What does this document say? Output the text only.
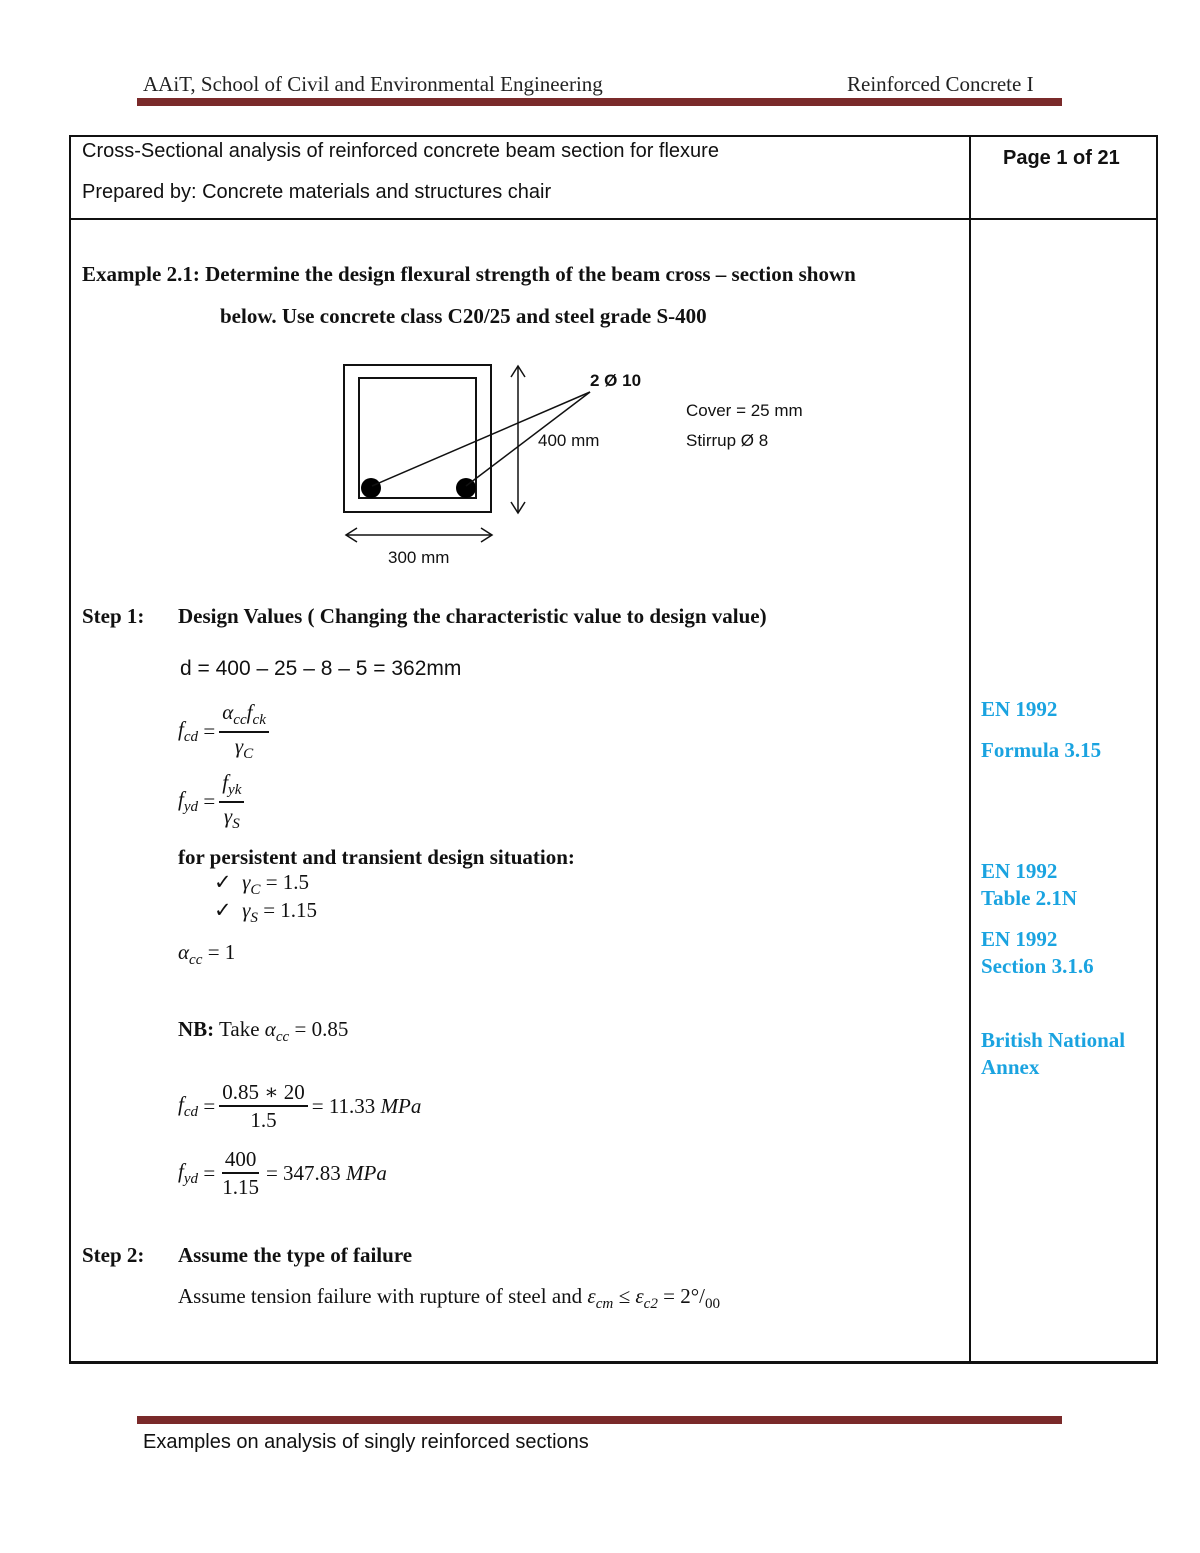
AAiT, School of Civil and Environmental Engineering	Reinforced Concrete I
Cross-Sectional analysis of reinforced concrete beam section for flexure
Prepared by: Concrete materials and structures chair
Page 1 of 21
Example 2.1: Determine the design flexural strength of the beam cross – section shown
below. Use concrete class C20/25 and steel grade S-400
2 Ø 10
Cover = 25 mm
Stirrup Ø 8
400 mm
300 mm
Step 1: Design Values ( Changing the characteristic value to design value)
d = 400 – 25 – 8 – 5 = 362mm
$f_{cd} = \frac{\alpha_{cc}f_{ck}}{\gamma_C}$
$f_{yd} = \frac{f_{yk}}{\gamma_S}$
for persistent and transient design situation:
✓ $\gamma_C = 1.5$
✓ $\gamma_S = 1.15$
$\alpha_{cc} = 1$
NB: Take $\alpha_{cc} = 0.85$
$f_{cd} = \frac{0.85 ∗ 20}{1.5} = 11.33$
MPa
$f_{yd} = \frac{400}{1.15} = 347.83$
MPa
Step 2: Assume the type of failure
Assume tension failure with rupture of steel and $\varepsilon_{cm} \le \varepsilon_{c2} = 2^\circ/_{00}$
EN 1992
Formula 3.15
EN 1992
Table 2.1N
EN 1992
Section 3.1.6
British National
Annex
Examples on analysis of singly reinforced sections
